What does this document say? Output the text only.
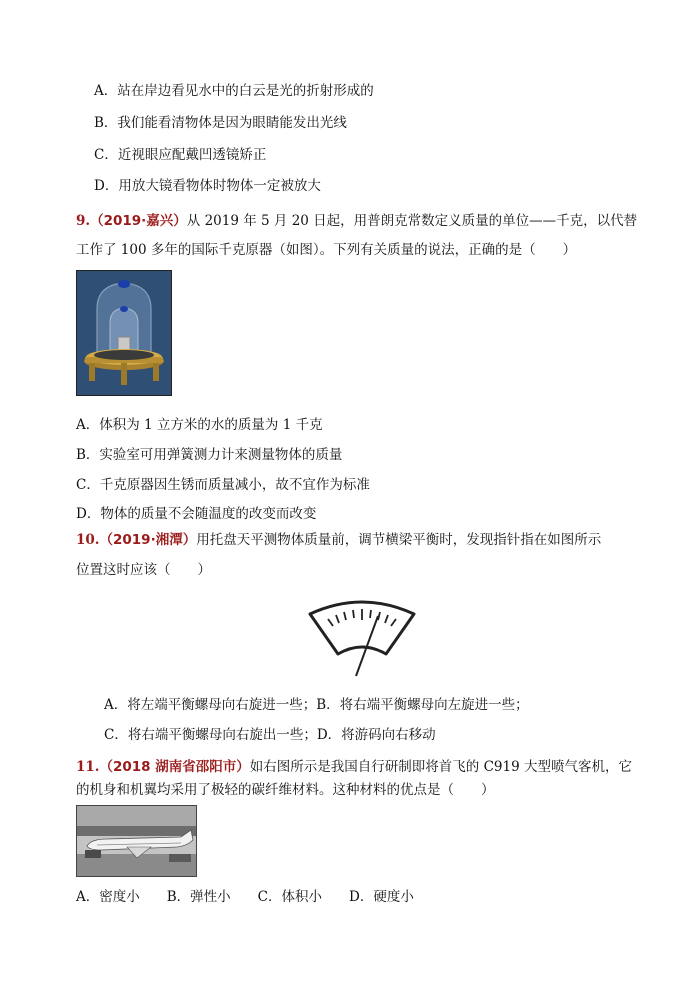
A．站在岸边看见水中的白云是光的折射形成的
B．我们能看清物体是因为眼睛能发出光线
C．近视眼应配戴凹透镜矫正
D．用放大镜看物体时物体一定被放大
9.（2019·嘉兴）从 2019 年 5 月 20 日起，用普朗克常数定义质量的单位——千克，以代替
工作了 100 多年的国际千克原器（如图）。下列有关质量的说法，正确的是（　　）
A．体积为 1 立方米的水的质量为 1 千克
B．实验室可用弹簧测力计来测量物体的质量
C．千克原器因生锈而质量减小，故不宜作为标准
D．物体的质量不会随温度的改变而改变
10.（2019·湘潭）用托盘天平测物体质量前，调节横梁平衡时，发现指针指在如图所示
位置这时应该（　　）
A．将左端平衡螺母向右旋进一些；B．将右端平衡螺母向左旋进一些；
C．将右端平衡螺母向右旋出一些；D．将游码向右移动
11.（2018 湖南省邵阳市）如右图所示是我国自行研制即将首飞的 C919 大型喷气客机，它
的机身和机翼均采用了极轻的碳纤维材料。这种材料的优点是（　　）
A．密度小　　B．弹性小　　C．体积小　　D．硬度小
